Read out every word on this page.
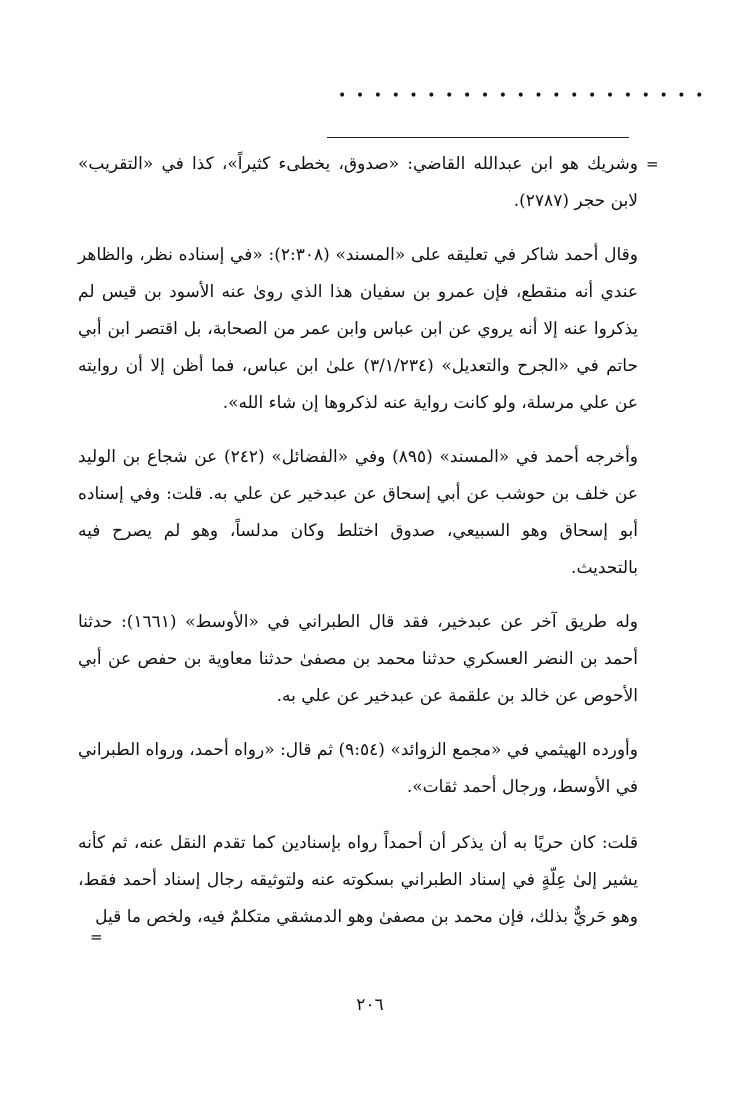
•••••••••••••••••••••
=

وشريك هو ابن عبدالله القاضي: «صدوق، يخطىء كثيراً»، كذا في «التقريب» لابن حجر (٢٧٨٧).

وقال أحمد شاكر في تعليقه على «المسند» (٢:٣٠٨): «في إسناده نظر، والظاهر عندي أنه منقطع، فإن عمرو بن سفيان هذا الذي روىٰ عنه الأسود بن قيس لم يذكروا عنه إلا أنه يروي عن ابن عباس وابن عمر من الصحابة، بل اقتصر ابن أبي حاتم في «الجرح والتعديل» (٣/١/٢٣٤) علىٰ ابن عباس، فما أظن إلا أن روايته عن علي مرسلة، ولو كانت رواية عنه لذكروها إن شاء الله».

وأخرجه أحمد في «المسند» (٨٩٥) وفي «الفضائل» (٢٤٢) عن شجاع بن الوليد عن خلف بن حوشب عن أبي إسحاق عن عبدخير عن علي به. قلت: وفي إسناده أبو إسحاق وهو السبيعي، صدوق اختلط وكان مدلساً، وهو لم يصرح فيه بالتحديث.

وله طريق آخر عن عبدخير، فقد قال الطبراني في «الأوسط» (١٦٦١): حدثنا أحمد بن النضر العسكري حدثنا محمد بن مصفىٰ حدثنا معاوية بن حفص عن أبي الأحوص عن خالد بن علقمة عن عبدخير عن علي به.

وأورده الهيثمي في «مجمع الزوائد» (٩:٥٤) ثم قال: «رواه أحمد، ورواه الطبراني في الأوسط، ورجال أحمد ثقات».

قلت: كان حريًا به أن يذكر أن أحمداً رواه بإسنادين كما تقدم النقل عنه، ثم كأنه يشير إلىٰ عِلّةٍ في إسناد الطبراني بسكوته عنه ولتوثيقه رجال إسناد أحمد فقط، وهو حَريٌّ بذلك، فإن محمد بن مصفىٰ وهو الدمشقي متكلمٌ فيه، ولخص ما قيل

=
٢٠٦
